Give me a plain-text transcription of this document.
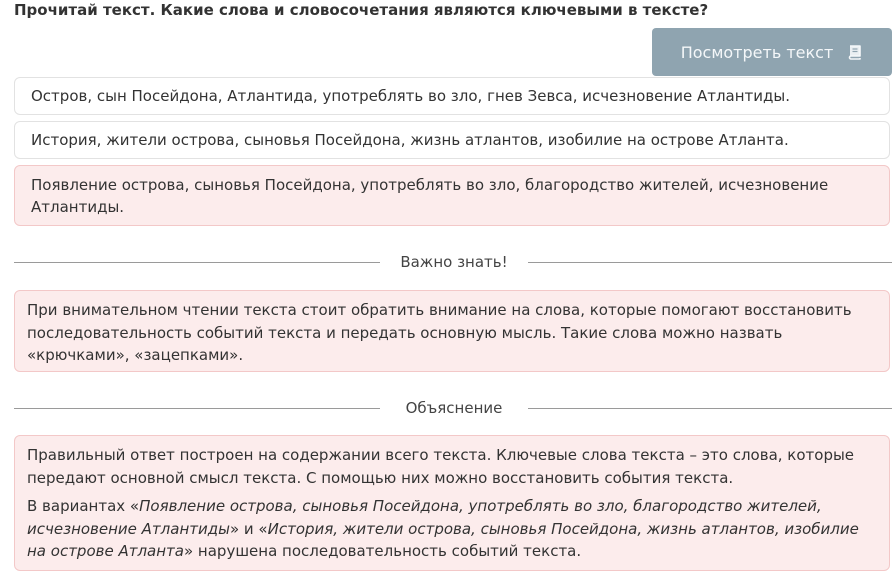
Прочитай текст. Какие слова и словосочетания являются ключевыми в тексте?
Посмотреть текст
Остров, сын Посейдона, Атлантида, употреблять во зло, гнев Зевса, исчезновение Атлантиды.
История, жители острова, сыновья Посейдона, жизнь атлантов, изобилие на острове Атланта.
Появление острова, сыновья Посейдона, употреблять во зло, благородство жителей, исчезновение Атлантиды.
Важно знать!

При внимательном чтении текста стоит обратить внимание на слова, которые помогают восстановить последовательность событий текста и передать основную мысль. Такие слова можно назвать «крючками», «зацепками».

Объяснение

Правильный ответ построен на содержании всего текста. Ключевые слова текста – это слова, которые передают основной смысл текста. С помощью них можно восстановить события текста.

В вариантах «Появление острова, сыновья Посейдона, употреблять во зло, благородство жителей, исчезновение Атлантиды» и «История, жители острова, сыновья Посейдона, жизнь атлантов, изобилие на острове Атланта» нарушена последовательность событий текста.
